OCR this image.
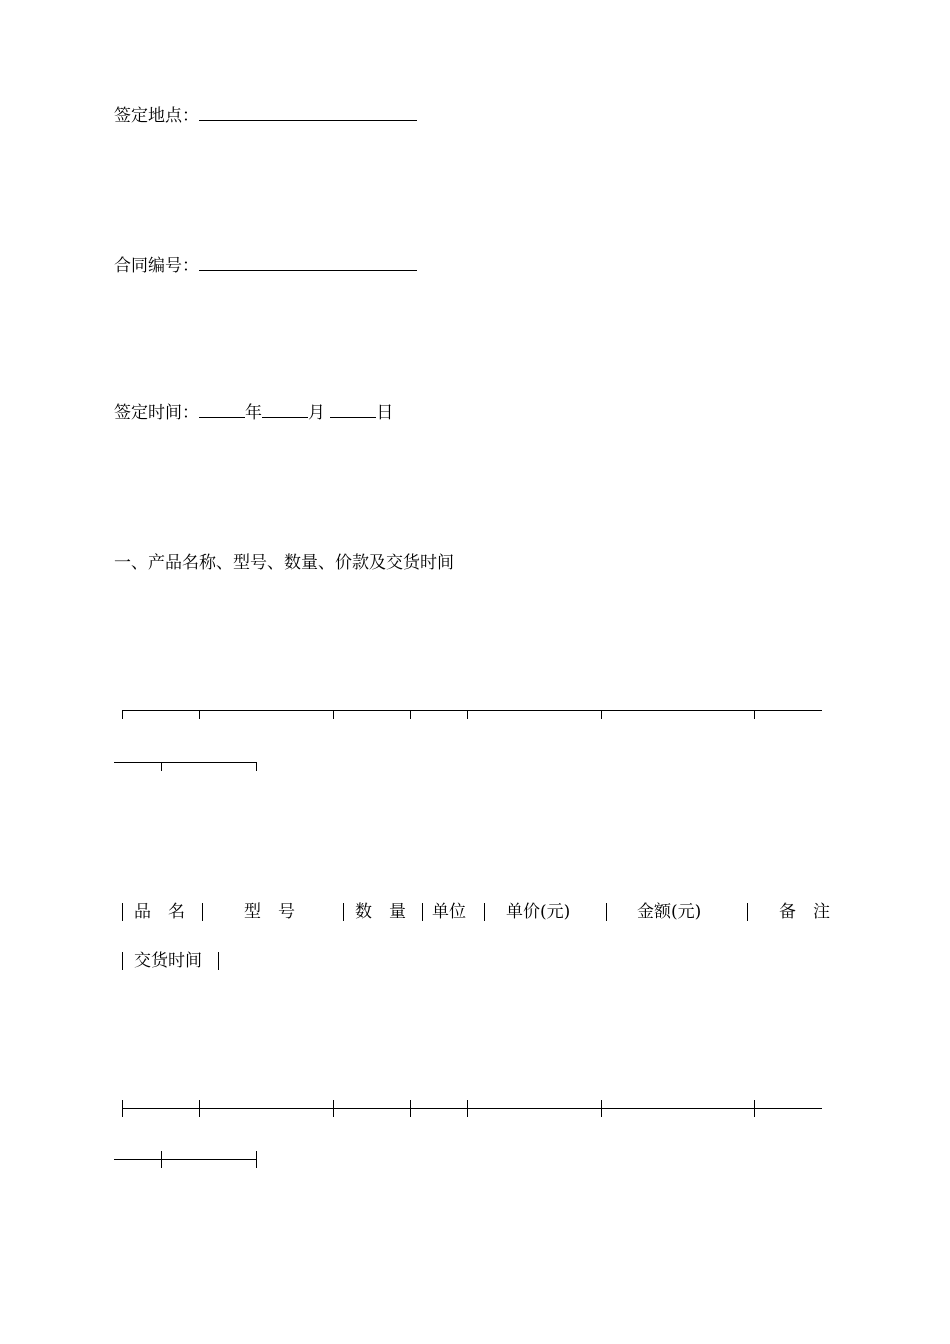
签定地点：
合同编号：
签定时间：	年	月	日
一、产品名称、型号、数量、价款及交货时间
品　名	型　号	数　量 单位 单价(元)	金额(元)	备　注
交货时间
